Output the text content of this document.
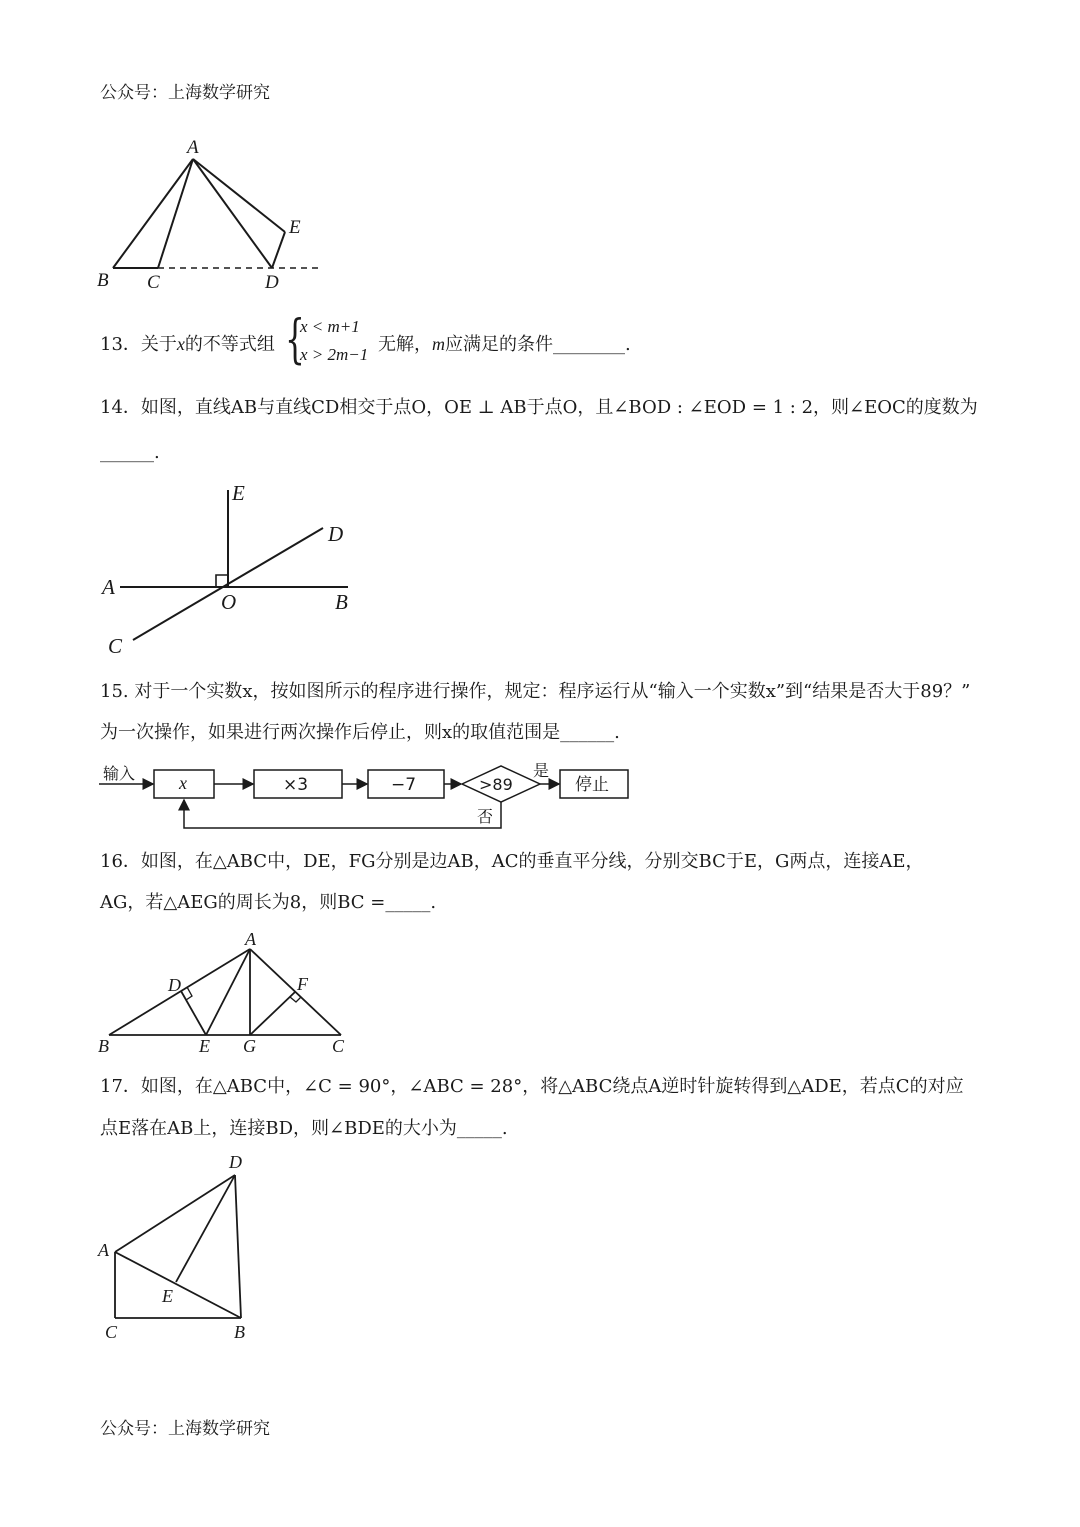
公众号：上海数学研究
A
B C	D
E
13．关于x的不等式组 {
x < m+1
x > 2m−1 无解，m应满足的条件________.
14．如图，直线AB与直线CD相交于点O，OE ⊥ AB于点O，且∠BOD : ∠EOD = 1 : 2，则∠EOC的度数为
______.
E
D
A
O	B
C
15. 对于一个实数x，按如图所示的程序进行操作，规定：程序运行从“输入一个实数x”到“结果是否大于89？”
为一次操作，如果进行两次操作后停止，则x的取值范围是______.
输入 x	×3	−7	>89
是
停止
否
16．如图，在△ABC中，DE，FG分别是边AB，AC的垂直平分线，分别交BC于E，G两点，连接AE，
AG，若△AEG的周长为8，则BC =_____.
A
D	F
B	E G	C
17．如图，在△ABC中，∠C = 90°，∠ABC = 28°，将△ABC绕点A逆时针旋转得到△ADE，若点C的对应
点E落在AB上，连接BD，则∠BDE的大小为_____.
D
A
E
C	B
公众号：上海数学研究
